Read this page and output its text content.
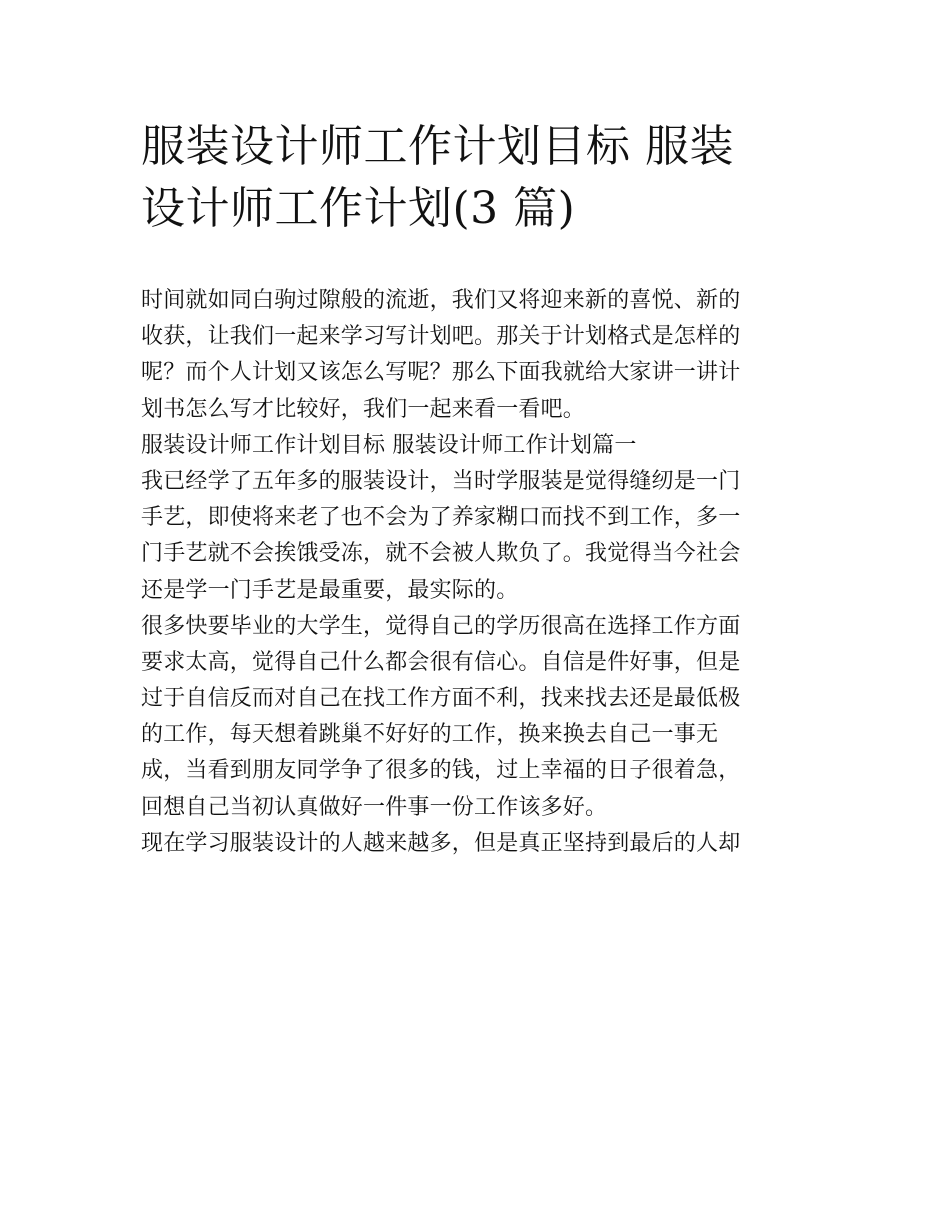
服装设计师工作计划目标 服装
设计师工作计划(3 篇)
时间就如同白驹过隙般的流逝，我们又将迎来新的喜悦、新的
收获，让我们一起来学习写计划吧。那关于计划格式是怎样的
呢？而个人计划又该怎么写呢？那么下面我就给大家讲一讲计
划书怎么写才比较好，我们一起来看一看吧。
服装设计师工作计划目标 服装设计师工作计划篇一
我已经学了五年多的服装设计，当时学服装是觉得缝纫是一门
手艺，即使将来老了也不会为了养家糊口而找不到工作，多一
门手艺就不会挨饿受冻，就不会被人欺负了。我觉得当今社会
还是学一门手艺是最重要，最实际的。
很多快要毕业的大学生，觉得自己的学历很高在选择工作方面
要求太高，觉得自己什么都会很有信心。自信是件好事，但是
过于自信反而对自己在找工作方面不利，找来找去还是最低极
的工作，每天想着跳巢不好好的工作，换来换去自己一事无
成，当看到朋友同学争了很多的钱，过上幸福的日子很着急，
回想自己当初认真做好一件事一份工作该多好。
现在学习服装设计的人越来越多，但是真正坚持到最后的人却
